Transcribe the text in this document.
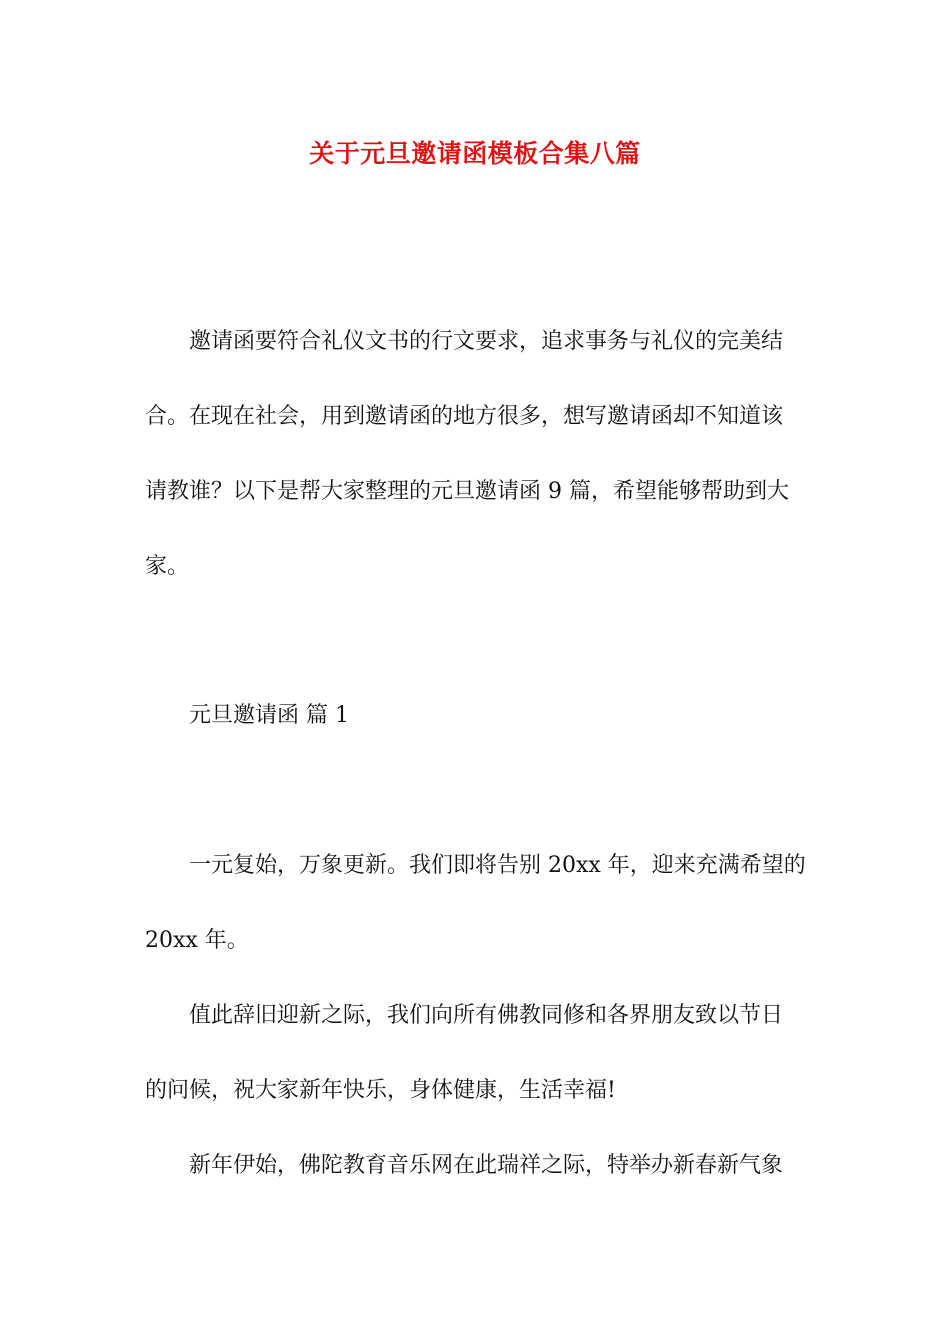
关于元旦邀请函模板合集八篇
邀请函要符合礼仪文书的行文要求，追求事务与礼仪的完美结
合。在现在社会，用到邀请函的地方很多，想写邀请函却不知道该
请教谁？以下是帮大家整理的元旦邀请函 9 篇，希望能够帮助到大
家。
元旦邀请函 篇 1
一元复始，万象更新。我们即将告别 20xx 年，迎来充满希望的
20xx 年。
值此辞旧迎新之际，我们向所有佛教同修和各界朋友致以节日
的问候，祝大家新年快乐，身体健康，生活幸福!
新年伊始，佛陀教育音乐网在此瑞祥之际，特举办新春新气象
